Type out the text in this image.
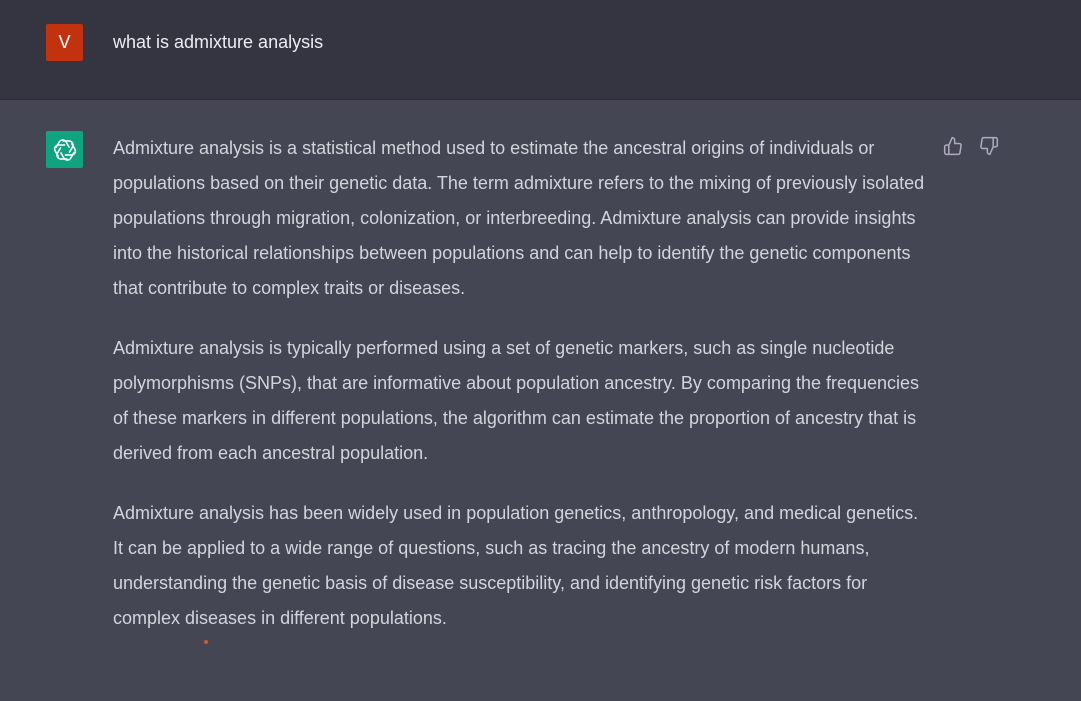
V	what is admixture analysis

Admixture analysis is a statistical method used to estimate the ancestral origins of individuals or populations based on their genetic data. The term admixture refers to the mixing of previously isolated populations through migration, colonization, or interbreeding. Admixture analysis can provide insights into the historical relationships between populations and can help to identify the genetic components that contribute to complex traits or diseases.

Admixture analysis is typically performed using a set of genetic markers, such as single nucleotide polymorphisms (SNPs), that are informative about population ancestry. By comparing the frequencies of these markers in different populations, the algorithm can estimate the proportion of ancestry that is derived from each ancestral population.

Admixture analysis has been widely used in population genetics, anthropology, and medical genetics. It can be applied to a wide range of questions, such as tracing the ancestry of modern humans, understanding the genetic basis of disease susceptibility, and identifying genetic risk factors for complex diseases in different populations.
